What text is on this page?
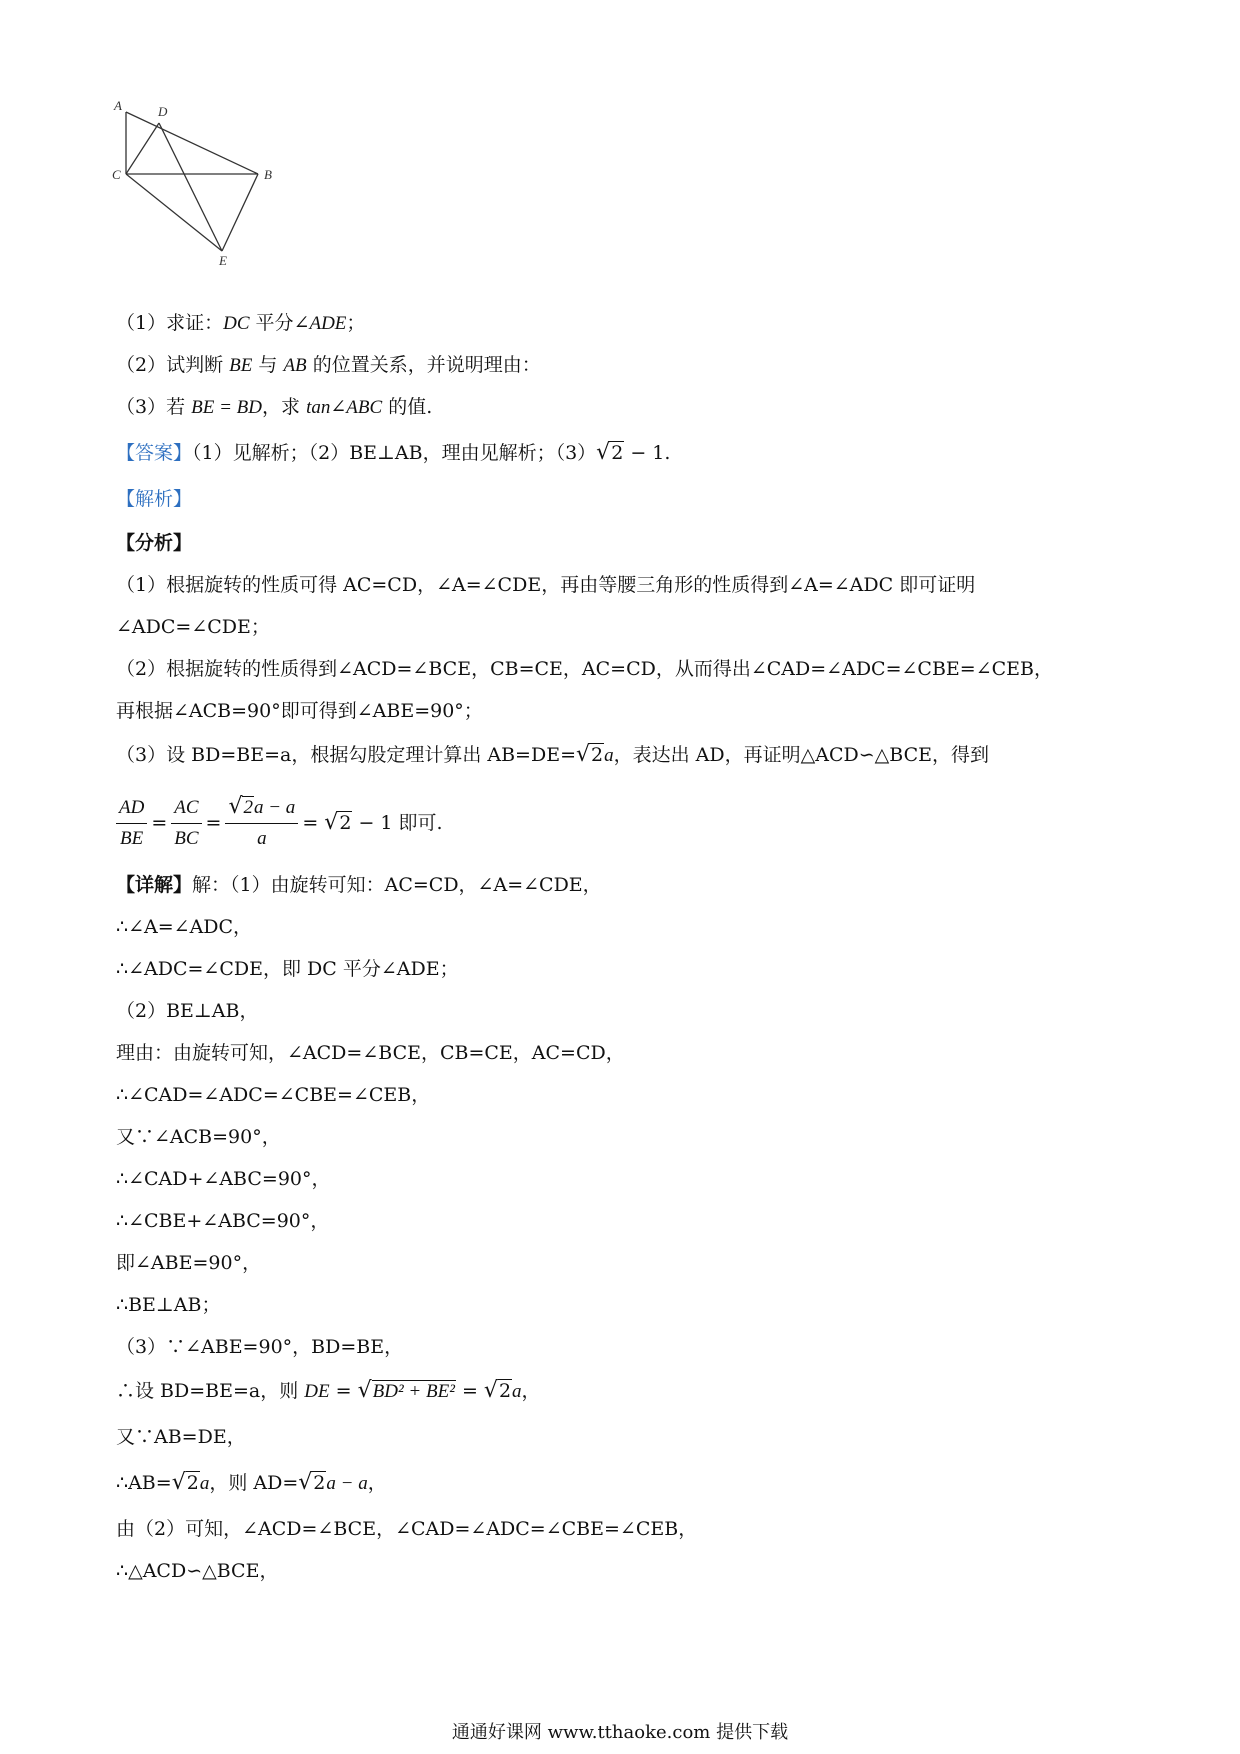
A	D
C	B
E
（1）求证：DC 平分∠ADE；
（2）试判断 BE 与 AB 的位置关系，并说明理由：
（3）若 BE = BD，求 tan∠ABC 的值.
【答案】（1）见解析；（2）BE⊥AB，理由见解析；（3）√2 − 1.
【解析】
【分析】
（1）根据旋转的性质可得 AC=CD，∠A=∠CDE，再由等腰三角形的性质得到∠A=∠ADC 即可证明
∠ADC=∠CDE；
（2）根据旋转的性质得到∠ACD=∠BCE，CB=CE，AC=CD，从而得出∠CAD=∠ADC=∠CBE=∠CEB，
再根据∠ACB=90°即可得到∠ABE=90°；
（3）设 BD=BE=a，根据勾股定理计算出 AB=DE=√2a，表达出 AD，再证明△ACD∽△BCE，得到
$\frac{AD}{BE} = \frac{AC}{BC} = \frac{√2a - a}{a} = √2 - 1$ 即可.
【详解】解：（1）由旋转可知：AC=CD，∠A=∠CDE，
∴∠A=∠ADC，
∴∠ADC=∠CDE，即 DC 平分∠ADE；
（2）BE⊥AB，
理由：由旋转可知，∠ACD=∠BCE，CB=CE，AC=CD，
∴∠CAD=∠ADC=∠CBE=∠CEB，
又∵∠ACB=90°，
∴∠CAD+∠ABC=90°，
∴∠CBE+∠ABC=90°，
即∠ABE=90°，
∴BE⊥AB；
（3）∵∠ABE=90°，BD=BE，
∴设 BD=BE=a，则 DE = √BD² + BE² = √2a，
又∵AB=DE，
∴AB=√2a，则 AD=√2a − a，
由（2）可知，∠ACD=∠BCE，∠CAD=∠ADC=∠CBE=∠CEB，
∴△ACD∽△BCE，
通通好课网 www.tthaoke.com 提供下载
